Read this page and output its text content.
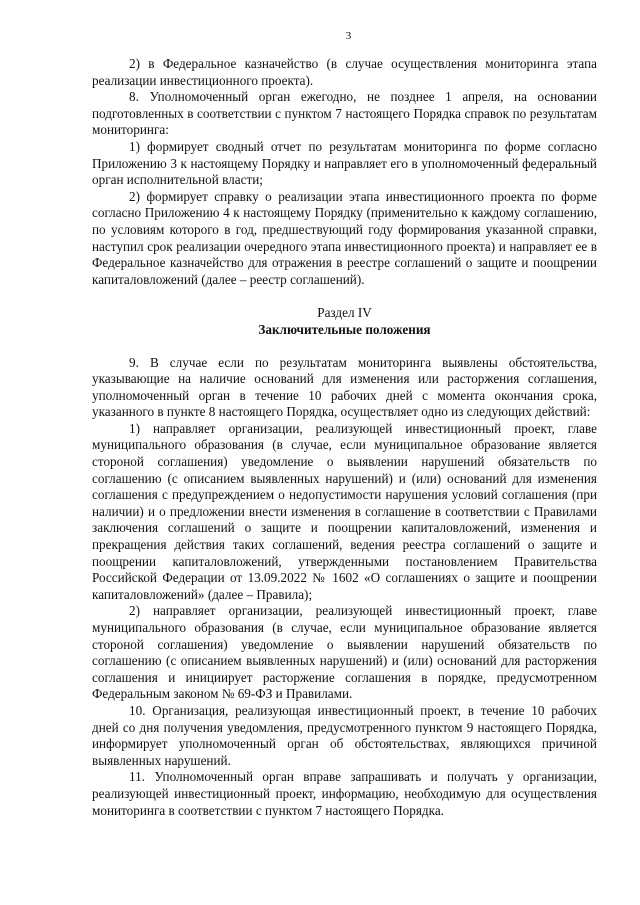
3

2) в Федеральное казначейство (в случае осуществления мониторинга этапа реализации инвестиционного проекта).

8. Уполномоченный орган ежегодно, не позднее 1 апреля, на основании подготовленных в соответствии с пунктом 7 настоящего Порядка справок по результатам мониторинга:

1) формирует сводный отчет по результатам мониторинга по форме согласно Приложению 3 к настоящему Порядку и направляет его в уполномоченный федеральный орган исполнительной власти;

2) формирует справку о реализации этапа инвестиционного проекта по форме согласно Приложению 4 к настоящему Порядку (применительно к каждому соглашению, по условиям которого в год, предшествующий году формирования указанной справки, наступил срок реализации очередного этапа инвестиционного проекта) и направляет ее в Федеральное казначейство для отражения в реестре соглашений о защите и поощрении капиталовложений (далее – реестр соглашений).

Раздел IV
Заключительные положения

9. В случае если по результатам мониторинга выявлены обстоятельства, указывающие на наличие оснований для изменения или расторжения соглашения, уполномоченный орган в течение 10 рабочих дней с момента окончания срока, указанного в пункте 8 настоящего Порядка, осуществляет одно из следующих действий:

1) направляет организации, реализующей инвестиционный проект, главе муниципального образования (в случае, если муниципальное образование является стороной соглашения) уведомление о выявлении нарушений обязательств по соглашению (с описанием выявленных нарушений) и (или) оснований для изменения соглашения с предупреждением о недопустимости нарушения условий соглашения (при наличии) и о предложении внести изменения в соглашение в соответствии с Правилами заключения соглашений о защите и поощрении капиталовложений, изменения и прекращения действия таких соглашений, ведения реестра соглашений о защите и поощрении капиталовложений, утвержденными постановлением Правительства Российской Федерации от 13.09.2022 № 1602 «О соглашениях о защите и поощрении капиталовложений» (далее – Правила);

2) направляет организации, реализующей инвестиционный проект, главе муниципального образования (в случае, если муниципальное образование является стороной соглашения) уведомление о выявлении нарушений обязательств по соглашению (с описанием выявленных нарушений) и (или) оснований для расторжения соглашения и инициирует расторжение соглашения в порядке, предусмотренном Федеральным законом № 69-ФЗ и Правилами.

10. Организация, реализующая инвестиционный проект, в течение 10 рабочих дней со дня получения уведомления, предусмотренного пунктом 9 настоящего Порядка, информирует уполномоченный орган об обстоятельствах, являющихся причиной выявленных нарушений.

11. Уполномоченный орган вправе запрашивать и получать у организации, реализующей инвестиционный проект, информацию, необходимую для осуществления мониторинга в соответствии с пунктом 7 настоящего Порядка.
